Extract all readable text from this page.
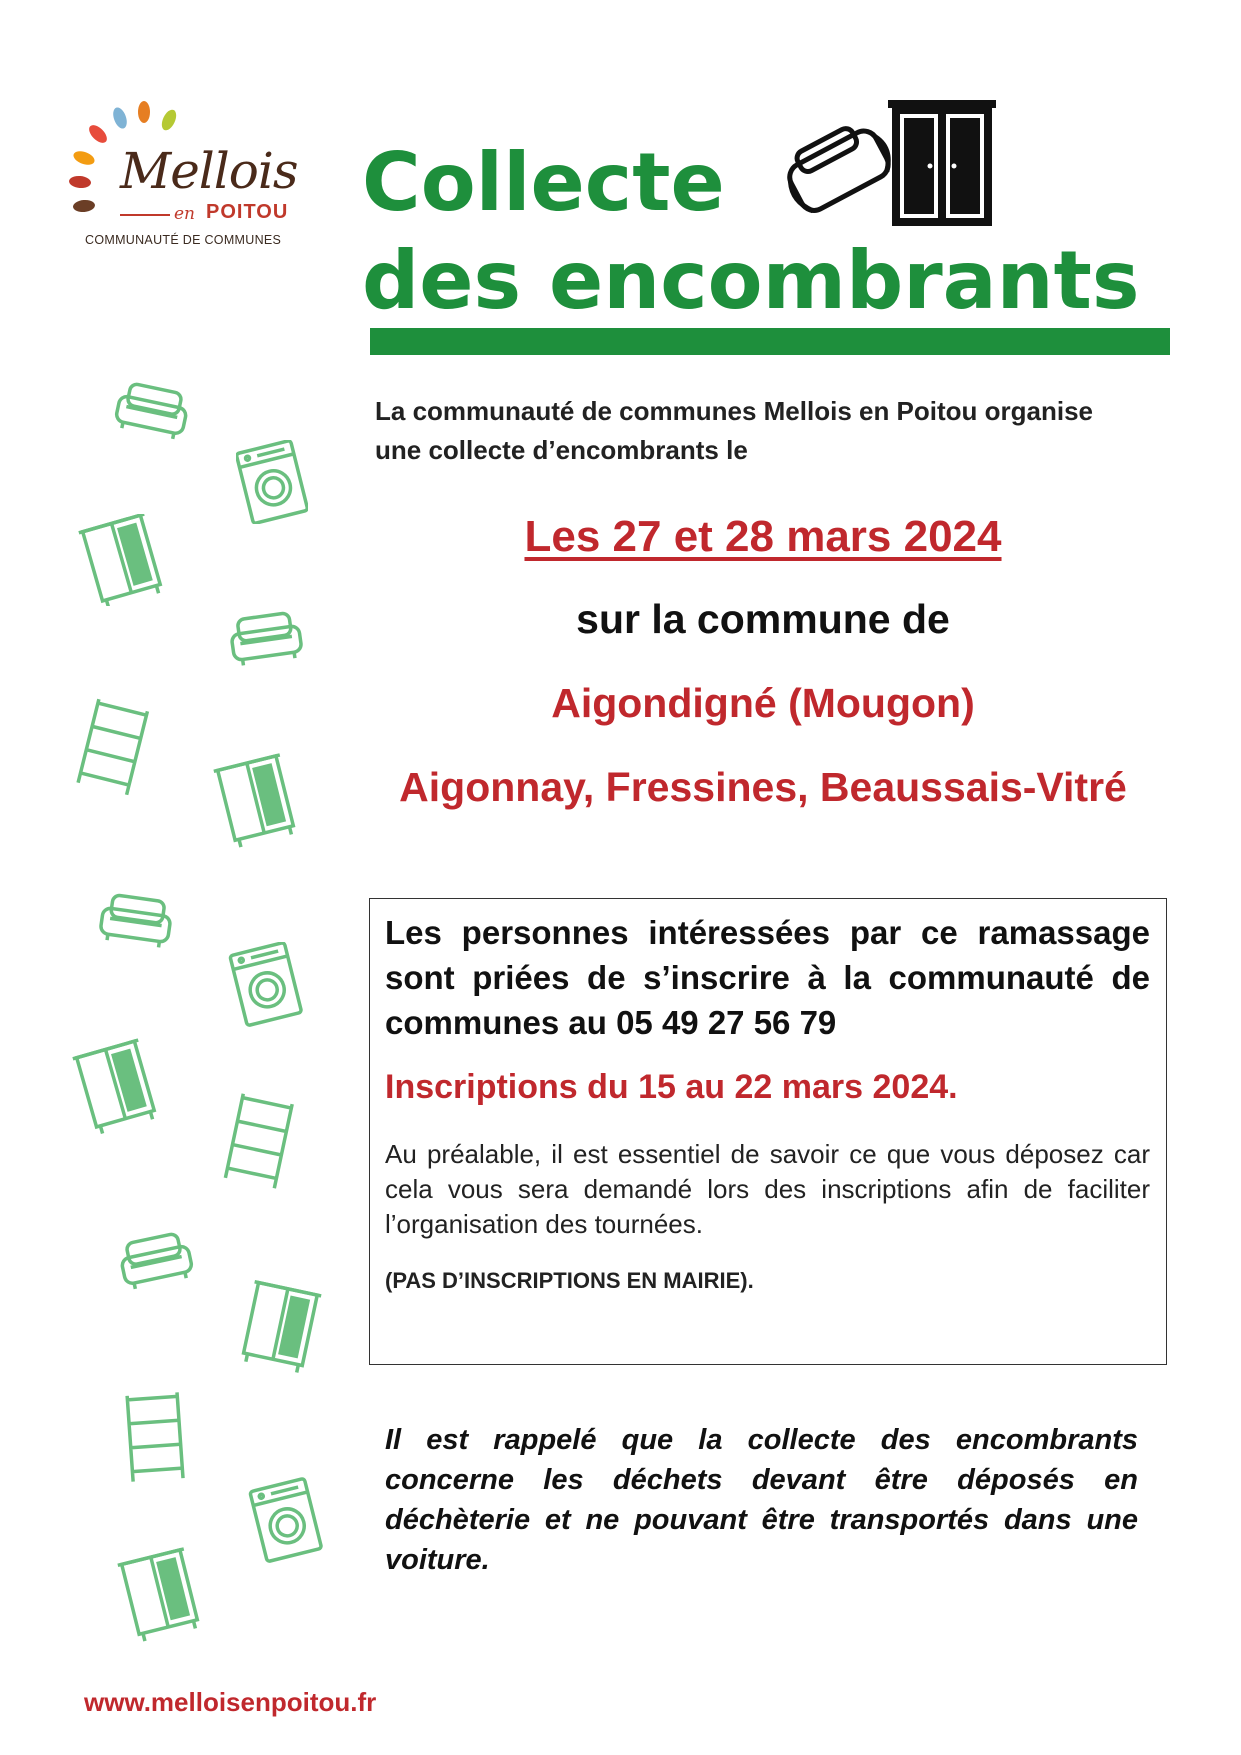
Mellois
en POITOU
COMMUNAUTÉ DE COMMUNES
Collecte
des encombrants
La communauté de communes Mellois en Poitou organise
une collecte d’encombrants le
Les 27 et 28 mars 2024
sur la commune de
Aigondigné (Mougon)
Aigonnay, Fressines, Beaussais-Vitré
Les personnes intéressées par ce ramassage sont priées de s’inscrire à la communauté de communes au 05 49 27 56 79
Inscriptions du 15 au 22 mars 2024.
Au préalable, il est essentiel de savoir ce que vous déposez car cela vous sera demandé lors des inscriptions afin de faciliter l’organisation des tournées.
(PAS D’INSCRIPTIONS EN MAIRIE).
Il est rappelé que la collecte des encombrants concerne les déchets devant être déposés en déchèterie et ne pouvant être transportés dans une voiture.
www.melloisenpoitou.fr
